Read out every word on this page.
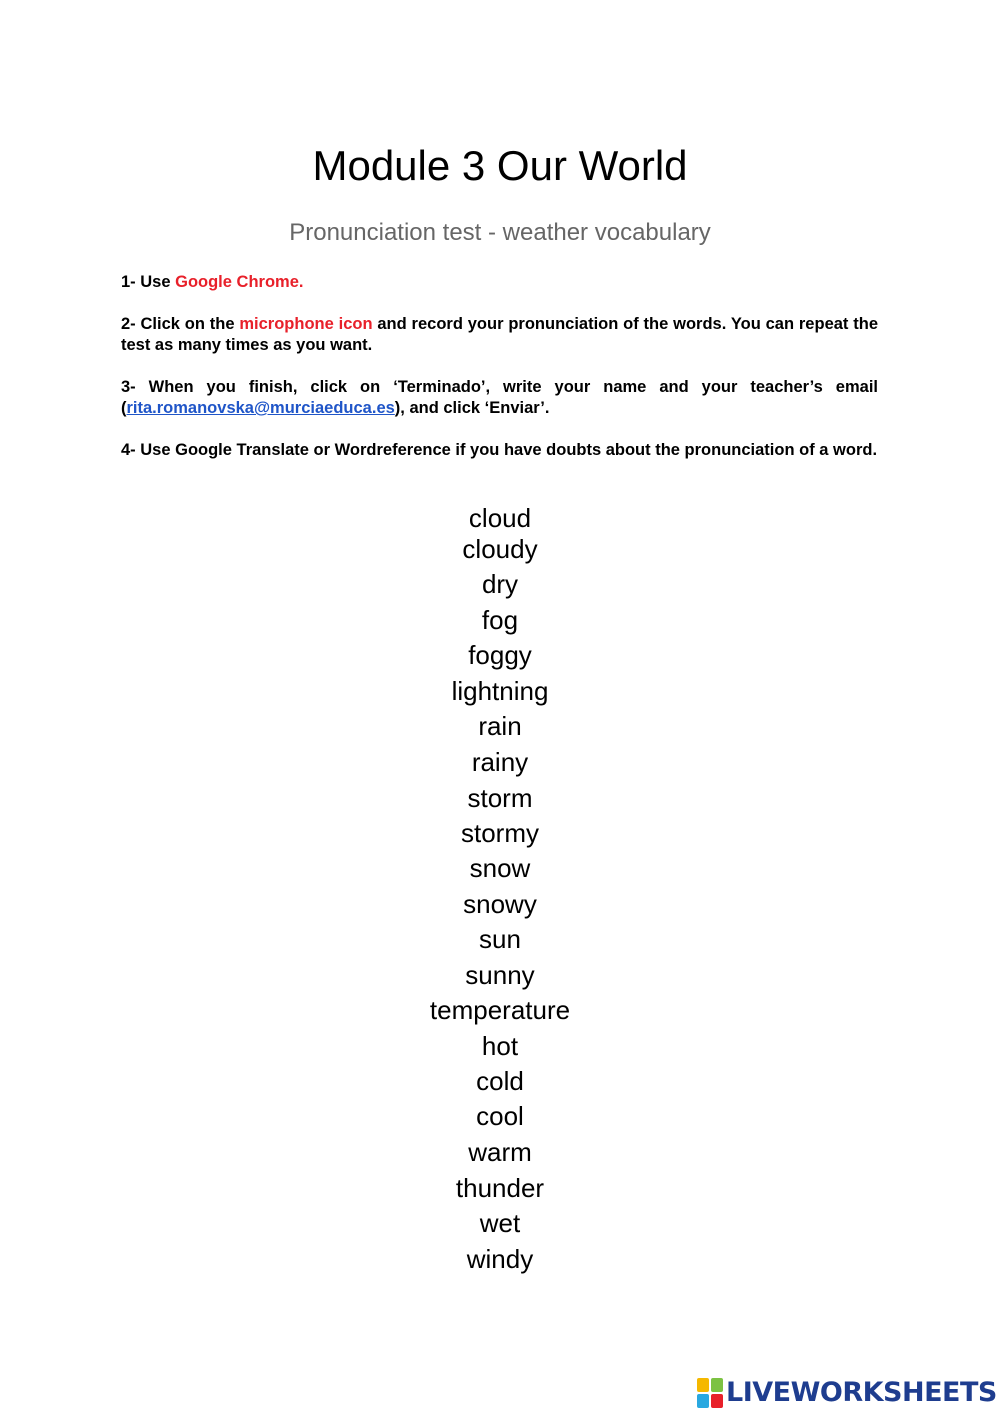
Module 3 Our World
Pronunciation test - weather vocabulary

1- Use Google Chrome.

2- Click on the microphone icon and record your pronunciation of the words. You can repeat the test as many times as you want.

3- When you finish, click on ‘Terminado’, write your name and your teacher’s email (rita.romanovska@murciaeduca.es), and click ‘Enviar’.

4- Use Google Translate or Wordreference if you have doubts about the pronunciation of a word.

cloud
cloudy
dry
fog
foggy
lightning
rain
rainy
storm
stormy
snow
snowy
sun
sunny
temperature
hot
cold
cool
warm
thunder
wet
windy
LIVEWORKSHEETS
